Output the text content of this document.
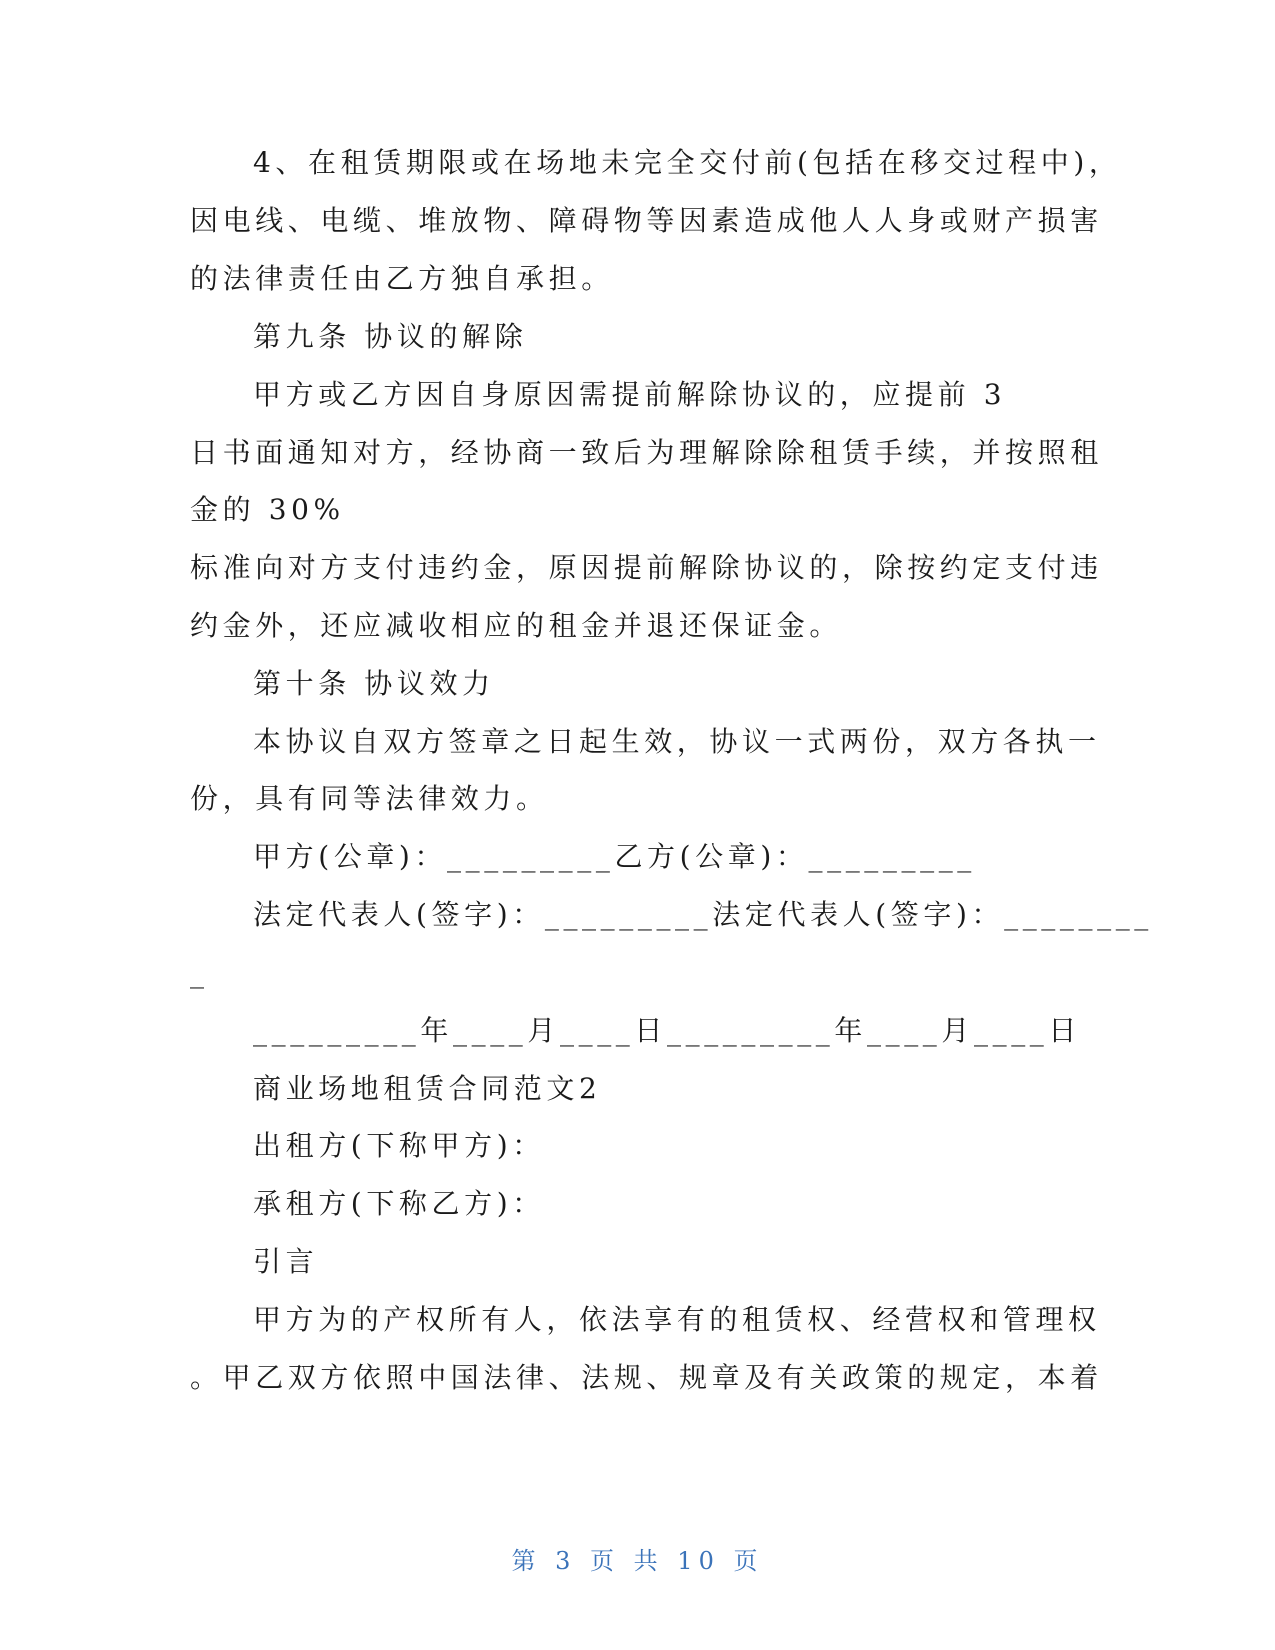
4、在租赁期限或在场地未完全交付前(包括在移交过程中)，
因电线、电缆、堆放物、障碍物等因素造成他人人身或财产损害
的法律责任由乙方独自承担。
第九条 协议的解除
甲方或乙方因自身原因需提前解除协议的，应提前 3
日书面通知对方，经协商一致后为理解除除租赁手续，并按照租
金的 30%
标准向对方支付违约金，原因提前解除协议的，除按约定支付违
约金外，还应减收相应的租金并退还保证金。
第十条 协议效力
本协议自双方签章之日起生效，协议一式两份，双方各执一
份，具有同等法律效力。
甲方(公章)：_________乙方(公章)：_________
法定代表人(签字)：_________法定代表人(签字)：________
_
_________年____月____日_________年____月____日
商业场地租赁合同范文2
出租方(下称甲方)：
承租方(下称乙方)：
引言
甲方为的产权所有人，依法享有的租赁权、经营权和管理权
。甲乙双方依照中国法律、法规、规章及有关政策的规定，本着
第 3 页 共 10 页
